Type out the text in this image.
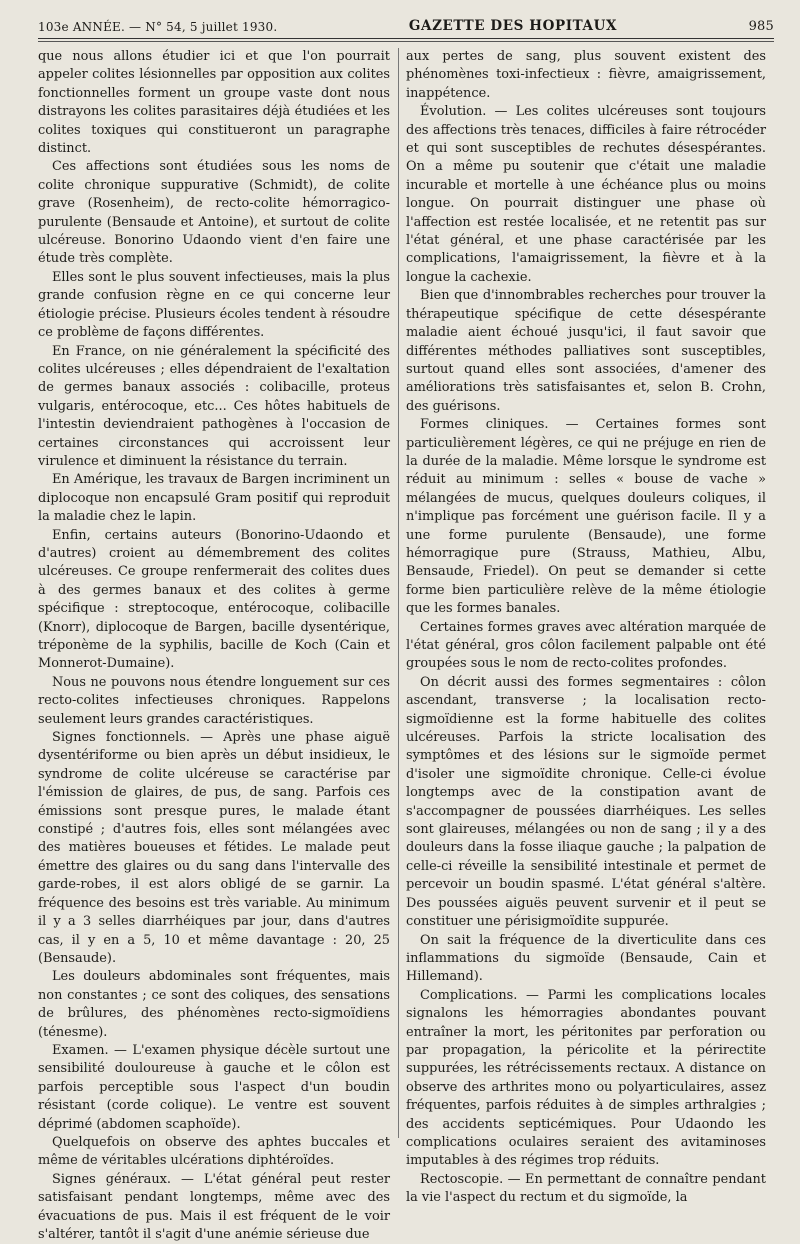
103e ANNÉE. — N° 54, 5 juillet 1930.	GAZETTE DES HOPITAUX	985

que nous allons étudier ici et que l'on pourrait appeler colites lésionnelles par opposition aux colites fonctionnelles forment un groupe vaste dont nous distrayons les colites parasitaires déjà étudiées et les colites toxiques qui constitueront un paragraphe distinct.

Ces affections sont étudiées sous les noms de colite chronique suppurative (Schmidt), de colite grave (Rosenheim), de recto-colite hémorragico-purulente (Bensaude et Antoine), et surtout de colite ulcéreuse. Bonorino Udaondo vient d'en faire une étude très complète.

Elles sont le plus souvent infectieuses, mais la plus grande confusion règne en ce qui concerne leur étiologie précise. Plusieurs écoles tendent à résoudre ce problème de façons différentes.

En France, on nie généralement la spécificité des colites ulcéreuses ; elles dépendraient de l'exaltation de germes banaux associés : colibacille, proteus vulgaris, entérocoque, etc... Ces hôtes habituels de l'intestin deviendraient pathogènes à l'occasion de certaines circonstances qui accroissent leur virulence et diminuent la résistance du terrain.

En Amérique, les travaux de Bargen incriminent un diplocoque non encapsulé Gram positif qui reproduit la maladie chez le lapin.

Enfin, certains auteurs (Bonorino-Udaondo et d'autres) croient au démembrement des colites ulcéreuses. Ce groupe renfermerait des colites dues à des germes banaux et des colites à germe spécifique : streptocoque, entérocoque, colibacille (Knorr), diplocoque de Bargen, bacille dysentérique, tréponème de la syphilis, bacille de Koch (Cain et Monnerot-Dumaine).

Nous ne pouvons nous étendre longuement sur ces recto-colites infectieuses chroniques. Rappelons seulement leurs grandes caractéristiques.

Signes fonctionnels. — Après une phase aiguë dysentériforme ou bien après un début insidieux, le syndrome de colite ulcéreuse se caractérise par l'émission de glaires, de pus, de sang. Parfois ces émissions sont presque pures, le malade étant constipé ; d'autres fois, elles sont mélangées avec des matières boueuses et fétides. Le malade peut émettre des glaires ou du sang dans l'intervalle des garde-robes, il est alors obligé de se garnir. La fréquence des besoins est très variable. Au minimum il y a 3 selles diarrhéiques par jour, dans d'autres cas, il y en a 5, 10 et même davantage : 20, 25 (Bensaude).

Les douleurs abdominales sont fréquentes, mais non constantes ; ce sont des coliques, des sensations de brûlures, des phénomènes recto-sigmoïdiens (ténesme).

Examen. — L'examen physique décèle surtout une sensibilité douloureuse à gauche et le côlon est parfois perceptible sous l'aspect d'un boudin résistant (corde colique). Le ventre est souvent déprimé (abdomen scaphoïde).

Quelquefois on observe des aphtes buccales et même de véritables ulcérations diphtéroïdes.

Signes généraux. — L'état général peut rester satisfaisant pendant longtemps, même avec des évacuations de pus. Mais il est fréquent de le voir s'altérer, tantôt il s'agit d'une anémie sérieuse due

aux pertes de sang, plus souvent existent des phénomènes toxi-infectieux : fièvre, amaigrissement, inappétence.

Évolution. — Les colites ulcéreuses sont toujours des affections très tenaces, difficiles à faire rétrocéder et qui sont susceptibles de rechutes désespérantes. On a même pu soutenir que c'était une maladie incurable et mortelle à une échéance plus ou moins longue. On pourrait distinguer une phase où l'affection est restée localisée, et ne retentit pas sur l'état général, et une phase caractérisée par les complications, l'amaigrissement, la fièvre et à la longue la cachexie.

Bien que d'innombrables recherches pour trouver la thérapeutique spécifique de cette désespérante maladie aient échoué jusqu'ici, il faut savoir que différentes méthodes palliatives sont susceptibles, surtout quand elles sont associées, d'amener des améliorations très satisfaisantes et, selon B. Crohn, des guérisons.

Formes cliniques. — Certaines formes sont particulièrement légères, ce qui ne préjuge en rien de la durée de la maladie. Même lorsque le syndrome est réduit au minimum : selles « bouse de vache » mélangées de mucus, quelques douleurs coliques, il n'implique pas forcément une guérison facile. Il y a une forme purulente (Bensaude), une forme hémorragique pure (Strauss, Mathieu, Albu, Bensaude, Friedel). On peut se demander si cette forme bien particulière relève de la même étiologie que les formes banales.

Certaines formes graves avec altération marquée de l'état général, gros côlon facilement palpable ont été groupées sous le nom de recto-colites profondes.

On décrit aussi des formes segmentaires : côlon ascendant, transverse ; la localisation recto-sigmoïdienne est la forme habituelle des colites ulcéreuses. Parfois la stricte localisation des symptômes et des lésions sur le sigmoïde permet d'isoler une sigmoïdite chronique. Celle-ci évolue longtemps avec de la constipation avant de s'accompagner de poussées diarrhéiques. Les selles sont glaireuses, mélangées ou non de sang ; il y a des douleurs dans la fosse iliaque gauche ; la palpation de celle-ci réveille la sensibilité intestinale et permet de percevoir un boudin spasmé. L'état général s'altère. Des poussées aiguës peuvent survenir et il peut se constituer une périsigmoïdite suppurée.

On sait la fréquence de la diverticulite dans ces inflammations du sigmoïde (Bensaude, Cain et Hillemand).

Complications. — Parmi les complications locales signalons les hémorragies abondantes pouvant entraîner la mort, les péritonites par perforation ou par propagation, la péricolite et la périrectite suppurées, les rétrécissements rectaux. A distance on observe des arthrites mono ou polyarticulaires, assez fréquentes, parfois réduites à de simples arthralgies ; des accidents septicémiques. Pour Udaondo les complications oculaires seraient des avitaminoses imputables à des régimes trop réduits.

Rectoscopie. — En permettant de connaître pendant la vie l'aspect du rectum et du sigmoïde, la
